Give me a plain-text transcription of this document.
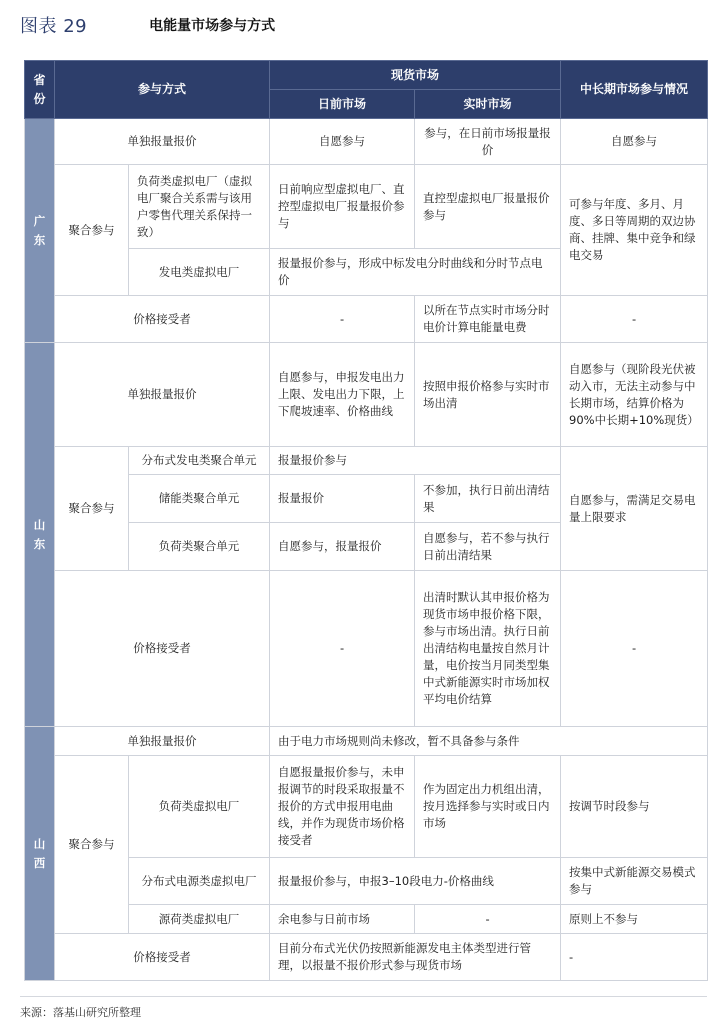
图表 29	电能量市场参与方式
省份	参与方式		现货市场		中长期市场参与情况
			日前市场	实时市场	
广东	单独报量报价		自愿参与	参与，在日前市场报量报价	自愿参与
	聚合参与	负荷类虚拟电厂（虚拟电厂聚合关系需与该用户零售代理关系保持一致）	日前响应型虚拟电厂、直控型虚拟电厂报量报价参与	直控型虚拟电厂报量报价参与	可参与年度、多月、月度、多日等周期的双边协商、挂牌、集中竞争和绿电交易
		发电类虚拟电厂	报量报价参与，形成中标发电分时曲线和分时节点电价		
	价格接受者		-	以所在节点实时市场分时电价计算电能量电费	-
山东	单独报量报价		自愿参与，申报发电出力上限、发电出力下限，上下爬坡速率、价格曲线	按照申报价格参与实时市场出清	自愿参与（现阶段光伏被动入市，无法主动参与中长期市场，结算价格为90%中长期+10%现货）
	聚合参与	分布式发电类聚合单元	报量报价参与		自愿参与，需满足交易电量上限要求
		储能类聚合单元	报量报价	不参加，执行日前出清结果	
		负荷类聚合单元	自愿参与，报量报价	自愿参与，若不参与执行日前出清结果	
	价格接受者		-	出清时默认其申报价格为现货市场申报价格下限，参与市场出清。执行日前出清结构电量按自然月计量，电价按当月同类型集中式新能源实时市场加权平均电价结算	-
山西	单独报量报价		由于电力市场规则尚未修改，暂不具备参与条件		
	聚合参与	负荷类虚拟电厂	自愿报量报价参与，未申报调节的时段采取报量不报价的方式申报用电曲线，并作为现货市场价格接受者	作为固定出力机组出清，按月选择参与实时或日内市场	按调节时段参与
		分布式电源类虚拟电厂	报量报价参与，申报3–10段电力-价格曲线		按集中式新能源交易模式参与
		源荷类虚拟电厂	余电参与日前市场	-	原则上不参与
	价格接受者		目前分布式光伏仍按照新能源发电主体类型进行管理，以报量不报价形式参与现货市场		-
来源：落基山研究所整理
